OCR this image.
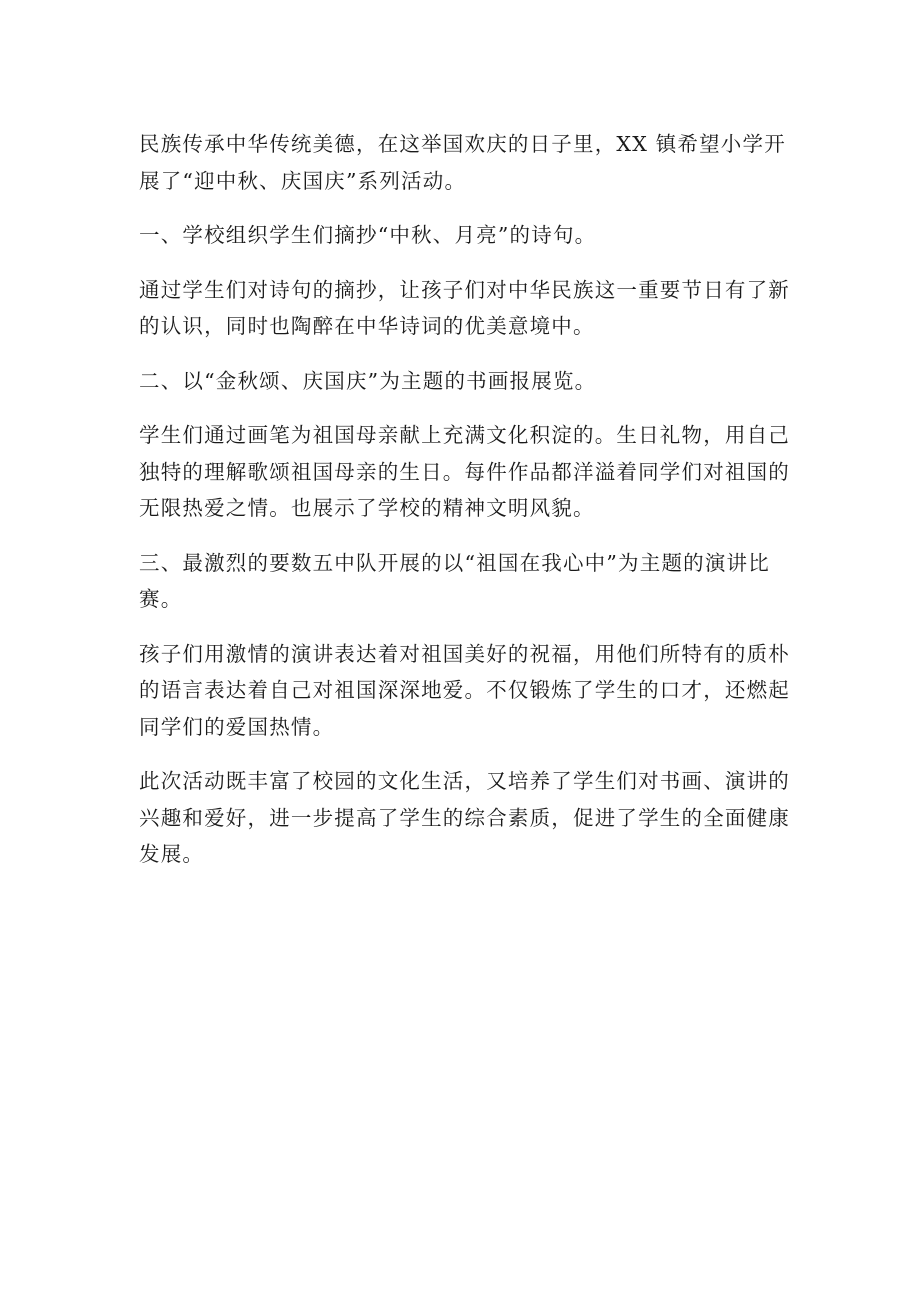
民族传承中华传统美德，在这举国欢庆的日子里，XX 镇希望小学开
展了“迎中秋、庆国庆”系列活动。

一、学校组织学生们摘抄“中秋、月亮”的诗句。

通过学生们对诗句的摘抄，让孩子们对中华民族这一重要节日有了新
的认识，同时也陶醉在中华诗词的优美意境中。

二、以“金秋颂、庆国庆”为主题的书画报展览。

学生们通过画笔为祖国母亲献上充满文化积淀的。生日礼物，用自己
独特的理解歌颂祖国母亲的生日。每件作品都洋溢着同学们对祖国的
无限热爱之情。也展示了学校的精神文明风貌。

三、最激烈的要数五中队开展的以“祖国在我心中”为主题的演讲比
赛。

孩子们用激情的演讲表达着对祖国美好的祝福，用他们所特有的质朴
的语言表达着自己对祖国深深地爱。不仅锻炼了学生的口才，还燃起
同学们的爱国热情。

此次活动既丰富了校园的文化生活，又培养了学生们对书画、演讲的
兴趣和爱好，进一步提高了学生的综合素质，促进了学生的全面健康
发展。
